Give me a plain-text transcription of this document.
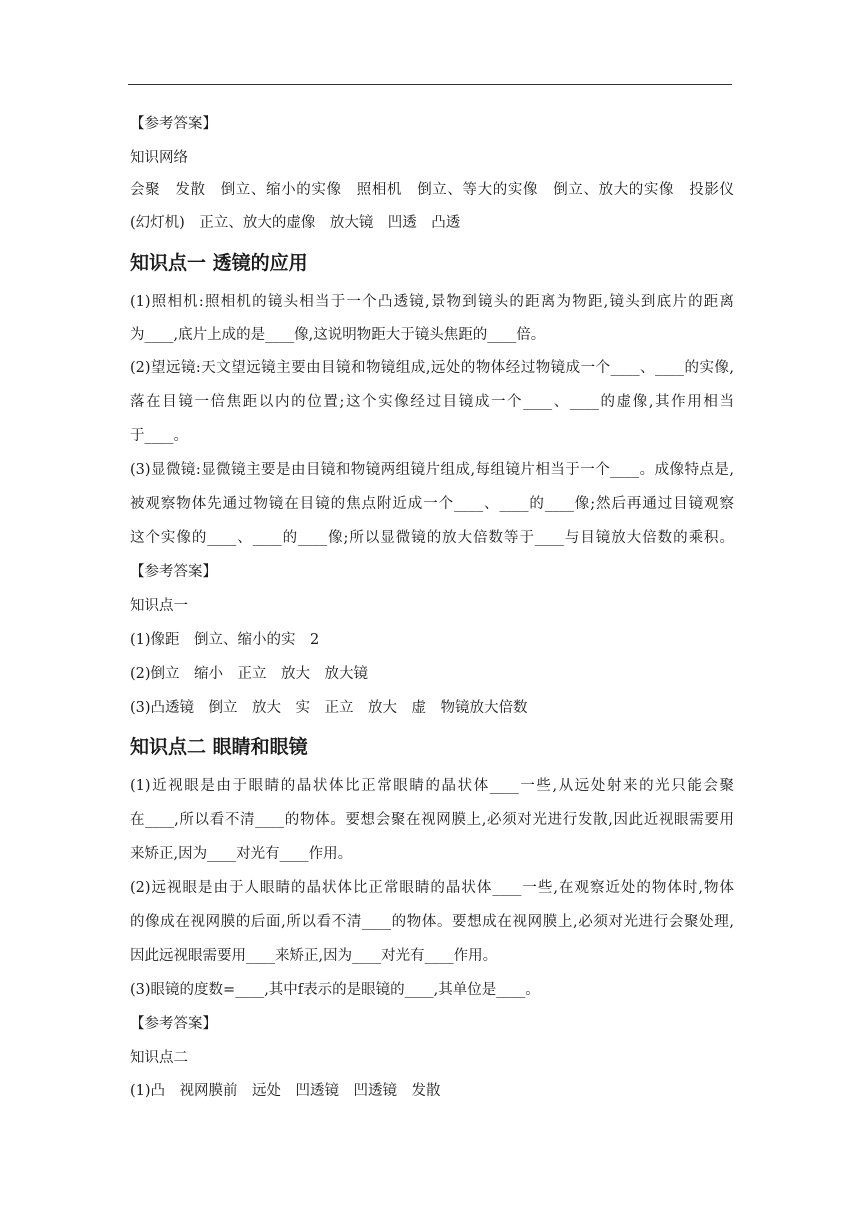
【参考答案】
知识网络
会聚　发散　倒立、缩小的实像　照相机　倒立、等大的实像　倒立、放大的实像　投影仪
(幻灯机)　正立、放大的虚像　放大镜　凹透　凸透
知识点一 透镜的应用
(1)照相机:照相机的镜头相当于一个凸透镜,景物到镜头的距离为物距,镜头到底片的距离
为____,底片上成的是____像,这说明物距大于镜头焦距的____倍。
(2)望远镜:天文望远镜主要由目镜和物镜组成,远处的物体经过物镜成一个____、____的实像,
落在目镜一倍焦距以内的位置;这个实像经过目镜成一个____、____的虚像,其作用相当
于____。
(3)显微镜:显微镜主要是由目镜和物镜两组镜片组成,每组镜片相当于一个____。成像特点是,
被观察物体先通过物镜在目镜的焦点附近成一个____、____的____像;然后再通过目镜观察
这个实像的____、____的____像;所以显微镜的放大倍数等于____与目镜放大倍数的乘积。
【参考答案】
知识点一
(1)像距　倒立、缩小的实　2
(2)倒立　缩小　正立　放大　放大镜
(3)凸透镜　倒立　放大　实　正立　放大　虚　物镜放大倍数
知识点二 眼睛和眼镜
(1)近视眼是由于眼睛的晶状体比正常眼睛的晶状体____一些,从远处射来的光只能会聚
在____,所以看不清____的物体。要想会聚在视网膜上,必须对光进行发散,因此近视眼需要用
来矫正,因为____对光有____作用。
(2)远视眼是由于人眼睛的晶状体比正常眼睛的晶状体____一些,在观察近处的物体时,物体
的像成在视网膜的后面,所以看不清____的物体。要想成在视网膜上,必须对光进行会聚处理,
因此远视眼需要用____来矫正,因为____对光有____作用。
(3)眼镜的度数=____,其中f表示的是眼镜的____,其单位是____。
【参考答案】
知识点二
(1)凸　视网膜前　远处　凹透镜　凹透镜　发散
